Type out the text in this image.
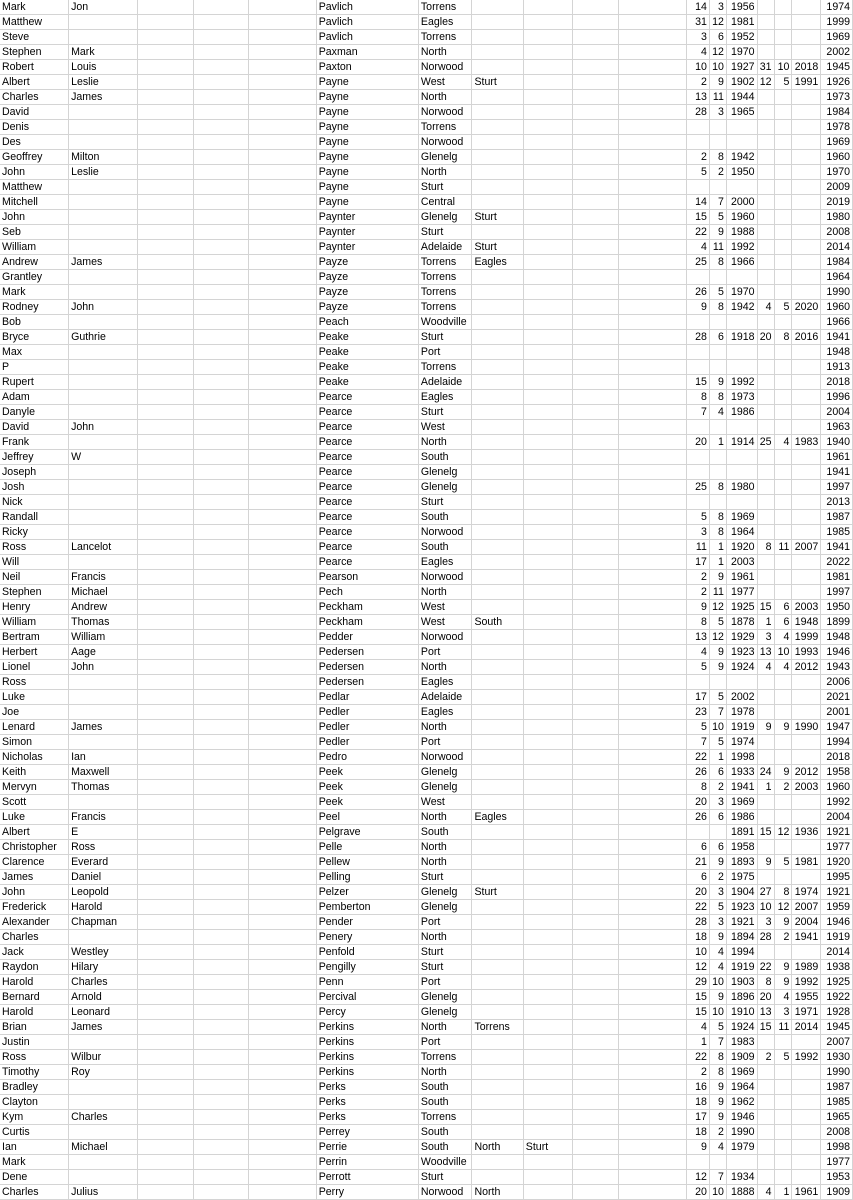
Mark	Jon				Pavlich	Torrens					14	3	1956				1974
Matthew					Pavlich	Eagles					31	12	1981				1999
Steve					Pavlich	Torrens					3	6	1952				1969
Stephen	Mark				Paxman	North					4	12	1970				2002
Robert	Louis				Paxton	Norwood					10	10	1927	31	10	2018	1945
Albert	Leslie				Payne	West	Sturt				2	9	1902	12	5	1991	1926
Charles	James				Payne	North					13	11	1944				1973
David					Payne	Norwood					28	3	1965				1984
Denis					Payne	Torrens											1978
Des					Payne	Norwood											1969
Geoffrey	Milton				Payne	Glenelg					2	8	1942				1960
John	Leslie				Payne	North					5	2	1950				1970
Matthew					Payne	Sturt											2009
Mitchell					Payne	Central					14	7	2000				2019
John					Paynter	Glenelg	Sturt				15	5	1960				1980
Seb					Paynter	Sturt					22	9	1988				2008
William					Paynter	Adelaide	Sturt				4	11	1992				2014
Andrew	James				Payze	Torrens	Eagles				25	8	1966				1984
Grantley					Payze	Torrens											1964
Mark					Payze	Torrens					26	5	1970				1990
Rodney	John				Payze	Torrens					9	8	1942	4	5	2020	1960
Bob					Peach	Woodville											1966
Bryce	Guthrie				Peake	Sturt					28	6	1918	20	8	2016	1941
Max					Peake	Port											1948
P					Peake	Torrens											1913
Rupert					Peake	Adelaide					15	9	1992				2018
Adam					Pearce	Eagles					8	8	1973				1996
Danyle					Pearce	Sturt					7	4	1986				2004
David	John				Pearce	West											1963
Frank					Pearce	North					20	1	1914	25	4	1983	1940
Jeffrey	W				Pearce	South											1961
Joseph					Pearce	Glenelg											1941
Josh					Pearce	Glenelg					25	8	1980				1997
Nick					Pearce	Sturt											2013
Randall					Pearce	South					5	8	1969				1987
Ricky					Pearce	Norwood					3	8	1964				1985
Ross	Lancelot				Pearce	South					11	1	1920	8	11	2007	1941
Will					Pearce	Eagles					17	1	2003				2022
Neil	Francis				Pearson	Norwood					2	9	1961				1981
Stephen	Michael				Pech	North					2	11	1977				1997
Henry	Andrew				Peckham	West					9	12	1925	15	6	2003	1950
William	Thomas				Peckham	West	South				8	5	1878	1	6	1948	1899
Bertram	William				Pedder	Norwood					13	12	1929	3	4	1999	1948
Herbert	Aage				Pedersen	Port					4	9	1923	13	10	1993	1946
Lionel	John				Pedersen	North					5	9	1924	4	4	2012	1943
Ross					Pedersen	Eagles											2006
Luke					Pedlar	Adelaide					17	5	2002				2021
Joe					Pedler	Eagles					23	7	1978				2001
Lenard	James				Pedler	North					5	10	1919	9	9	1990	1947
Simon					Pedler	Port					7	5	1974				1994
Nicholas	Ian				Pedro	Norwood					22	1	1998				2018
Keith	Maxwell				Peek	Glenelg					26	6	1933	24	9	2012	1958
Mervyn	Thomas				Peek	Glenelg					8	2	1941	1	2	2003	1960
Scott					Peek	West					20	3	1969				1992
Luke	Francis				Peel	North	Eagles				26	6	1986				2004
Albert	E				Pelgrave	South							1891	15	12	1936	1921
Christopher	Ross				Pelle	North					6	6	1958				1977
Clarence	Everard				Pellew	North					21	9	1893	9	5	1981	1920
James	Daniel				Pelling	Sturt					6	2	1975				1995
John	Leopold				Pelzer	Glenelg	Sturt				20	3	1904	27	8	1974	1921
Frederick	Harold				Pemberton	Glenelg					22	5	1923	10	12	2007	1959
Alexander	Chapman				Pender	Port					28	3	1921	3	9	2004	1946
Charles					Penery	North					18	9	1894	28	2	1941	1919
Jack	Westley				Penfold	Sturt					10	4	1994				2014
Raydon	Hilary				Pengilly	Sturt					12	4	1919	22	9	1989	1938
Harold	Charles				Penn	Port					29	10	1903	8	9	1992	1925
Bernard	Arnold				Percival	Glenelg					15	9	1896	20	4	1955	1922
Harold	Leonard				Percy	Glenelg					15	10	1910	13	3	1971	1928
Brian	James				Perkins	North	Torrens				4	5	1924	15	11	2014	1945
Justin					Perkins	Port					1	7	1983				2007
Ross	Wilbur				Perkins	Torrens					22	8	1909	2	5	1992	1930
Timothy	Roy				Perkins	North					2	8	1969				1990
Bradley					Perks	South					16	9	1964				1987
Clayton					Perks	South					18	9	1962				1985
Kym	Charles				Perks	Torrens					17	9	1946				1965
Curtis					Perrey	South					18	2	1990				2008
Ian	Michael				Perrie	South	North	Sturt			9	4	1979				1998
Mark					Perrin	Woodville											1977
Dene					Perrott	Sturt					12	7	1934				1953
Charles	Julius				Perry	Norwood	North				20	10	1888	4	1	1961	1909
